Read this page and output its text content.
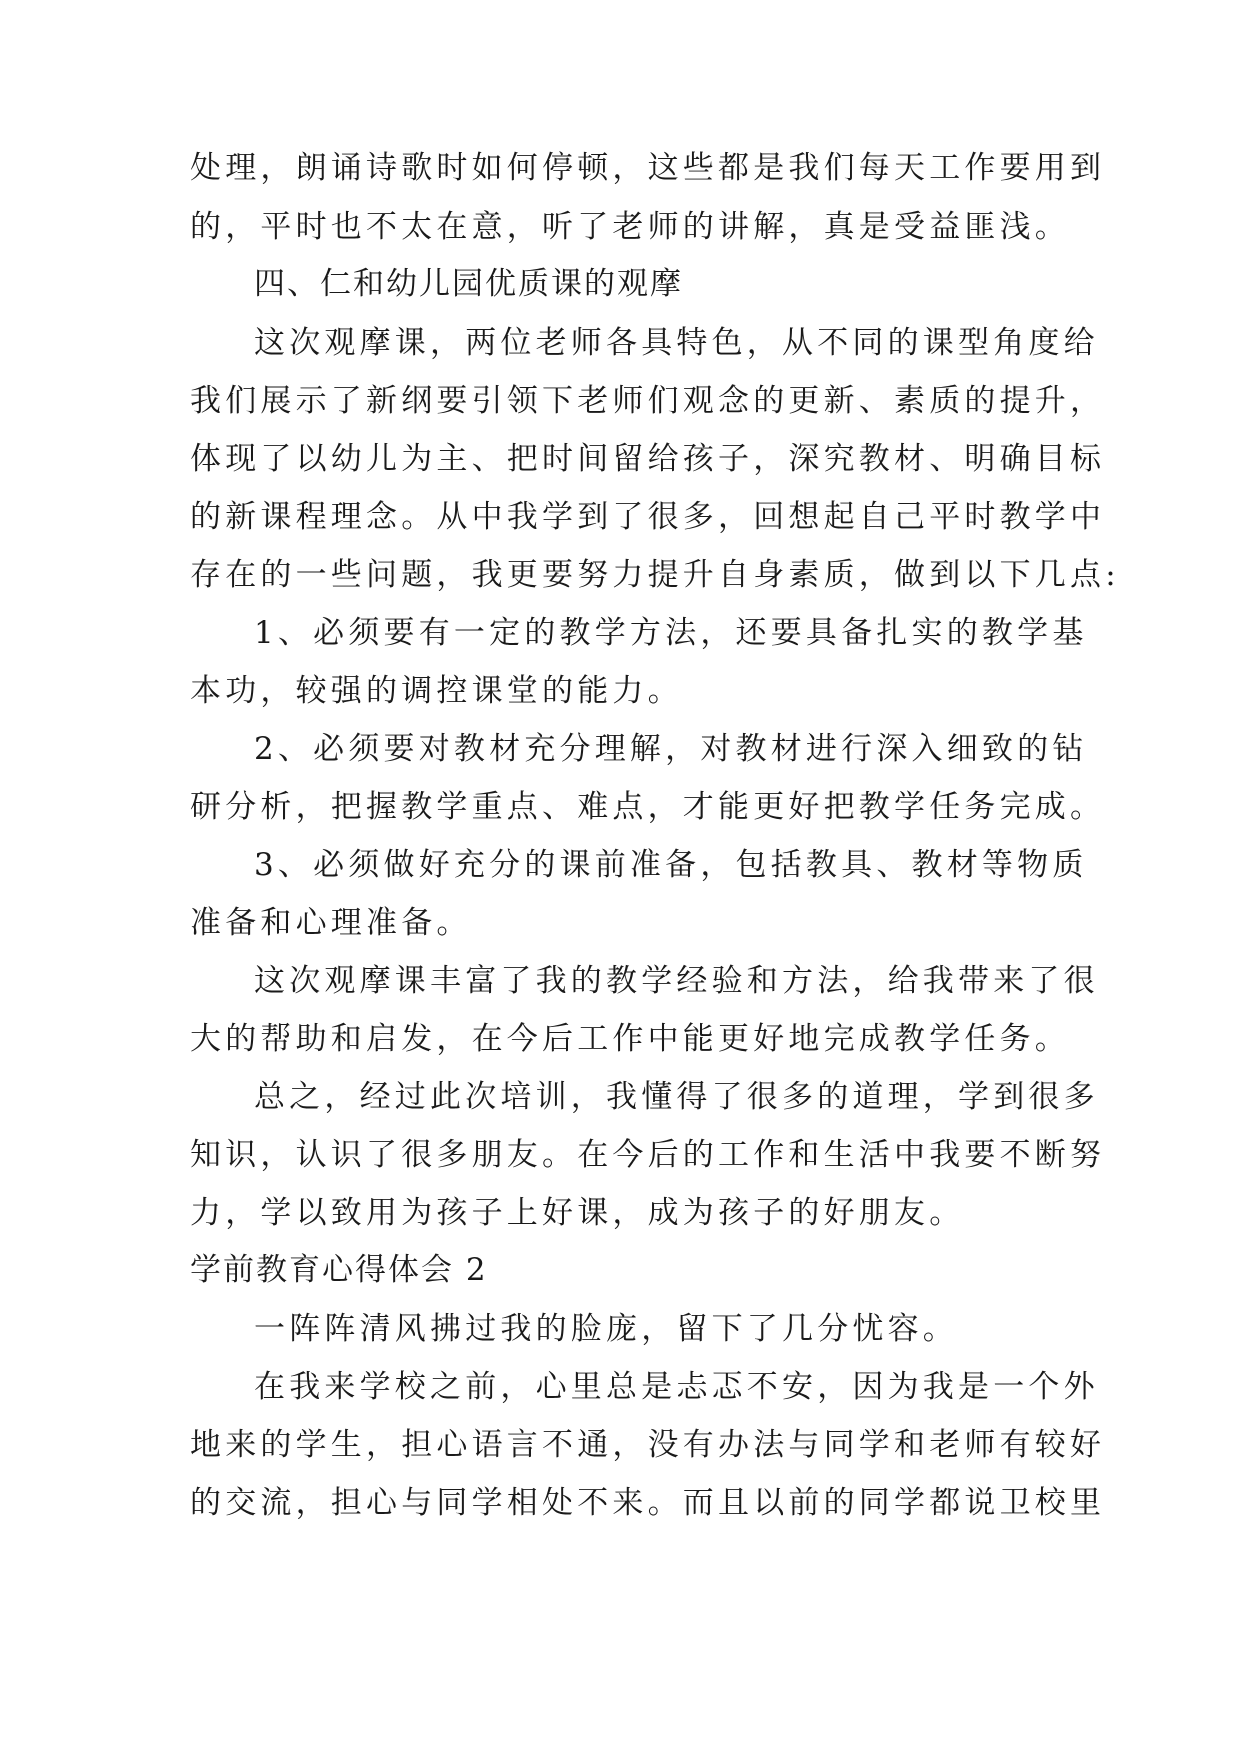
处理，朗诵诗歌时如何停顿，这些都是我们每天工作要用到
的，平时也不太在意，听了老师的讲解，真是受益匪浅。
四、仁和幼儿园优质课的观摩
这次观摩课，两位老师各具特色，从不同的课型角度给
我们展示了新纲要引领下老师们观念的更新、素质的提升，
体现了以幼儿为主、把时间留给孩子，深究教材、明确目标
的新课程理念。从中我学到了很多，回想起自己平时教学中
存在的一些问题，我更要努力提升自身素质，做到以下几点:
1、必须要有一定的教学方法，还要具备扎实的教学基
本功，较强的调控课堂的能力。
2、必须要对教材充分理解，对教材进行深入细致的钻
研分析，把握教学重点、难点，才能更好把教学任务完成。
3、必须做好充分的课前准备，包括教具、教材等物质
准备和心理准备。
这次观摩课丰富了我的教学经验和方法，给我带来了很
大的帮助和启发，在今后工作中能更好地完成教学任务。
总之，经过此次培训，我懂得了很多的道理，学到很多
知识，认识了很多朋友。在今后的工作和生活中我要不断努
力，学以致用为孩子上好课，成为孩子的好朋友。
学前教育心得体会 2
一阵阵清风拂过我的脸庞，留下了几分忧容。
在我来学校之前，心里总是忐忑不安，因为我是一个外
地来的学生，担心语言不通，没有办法与同学和老师有较好
的交流，担心与同学相处不来。而且以前的同学都说卫校里
